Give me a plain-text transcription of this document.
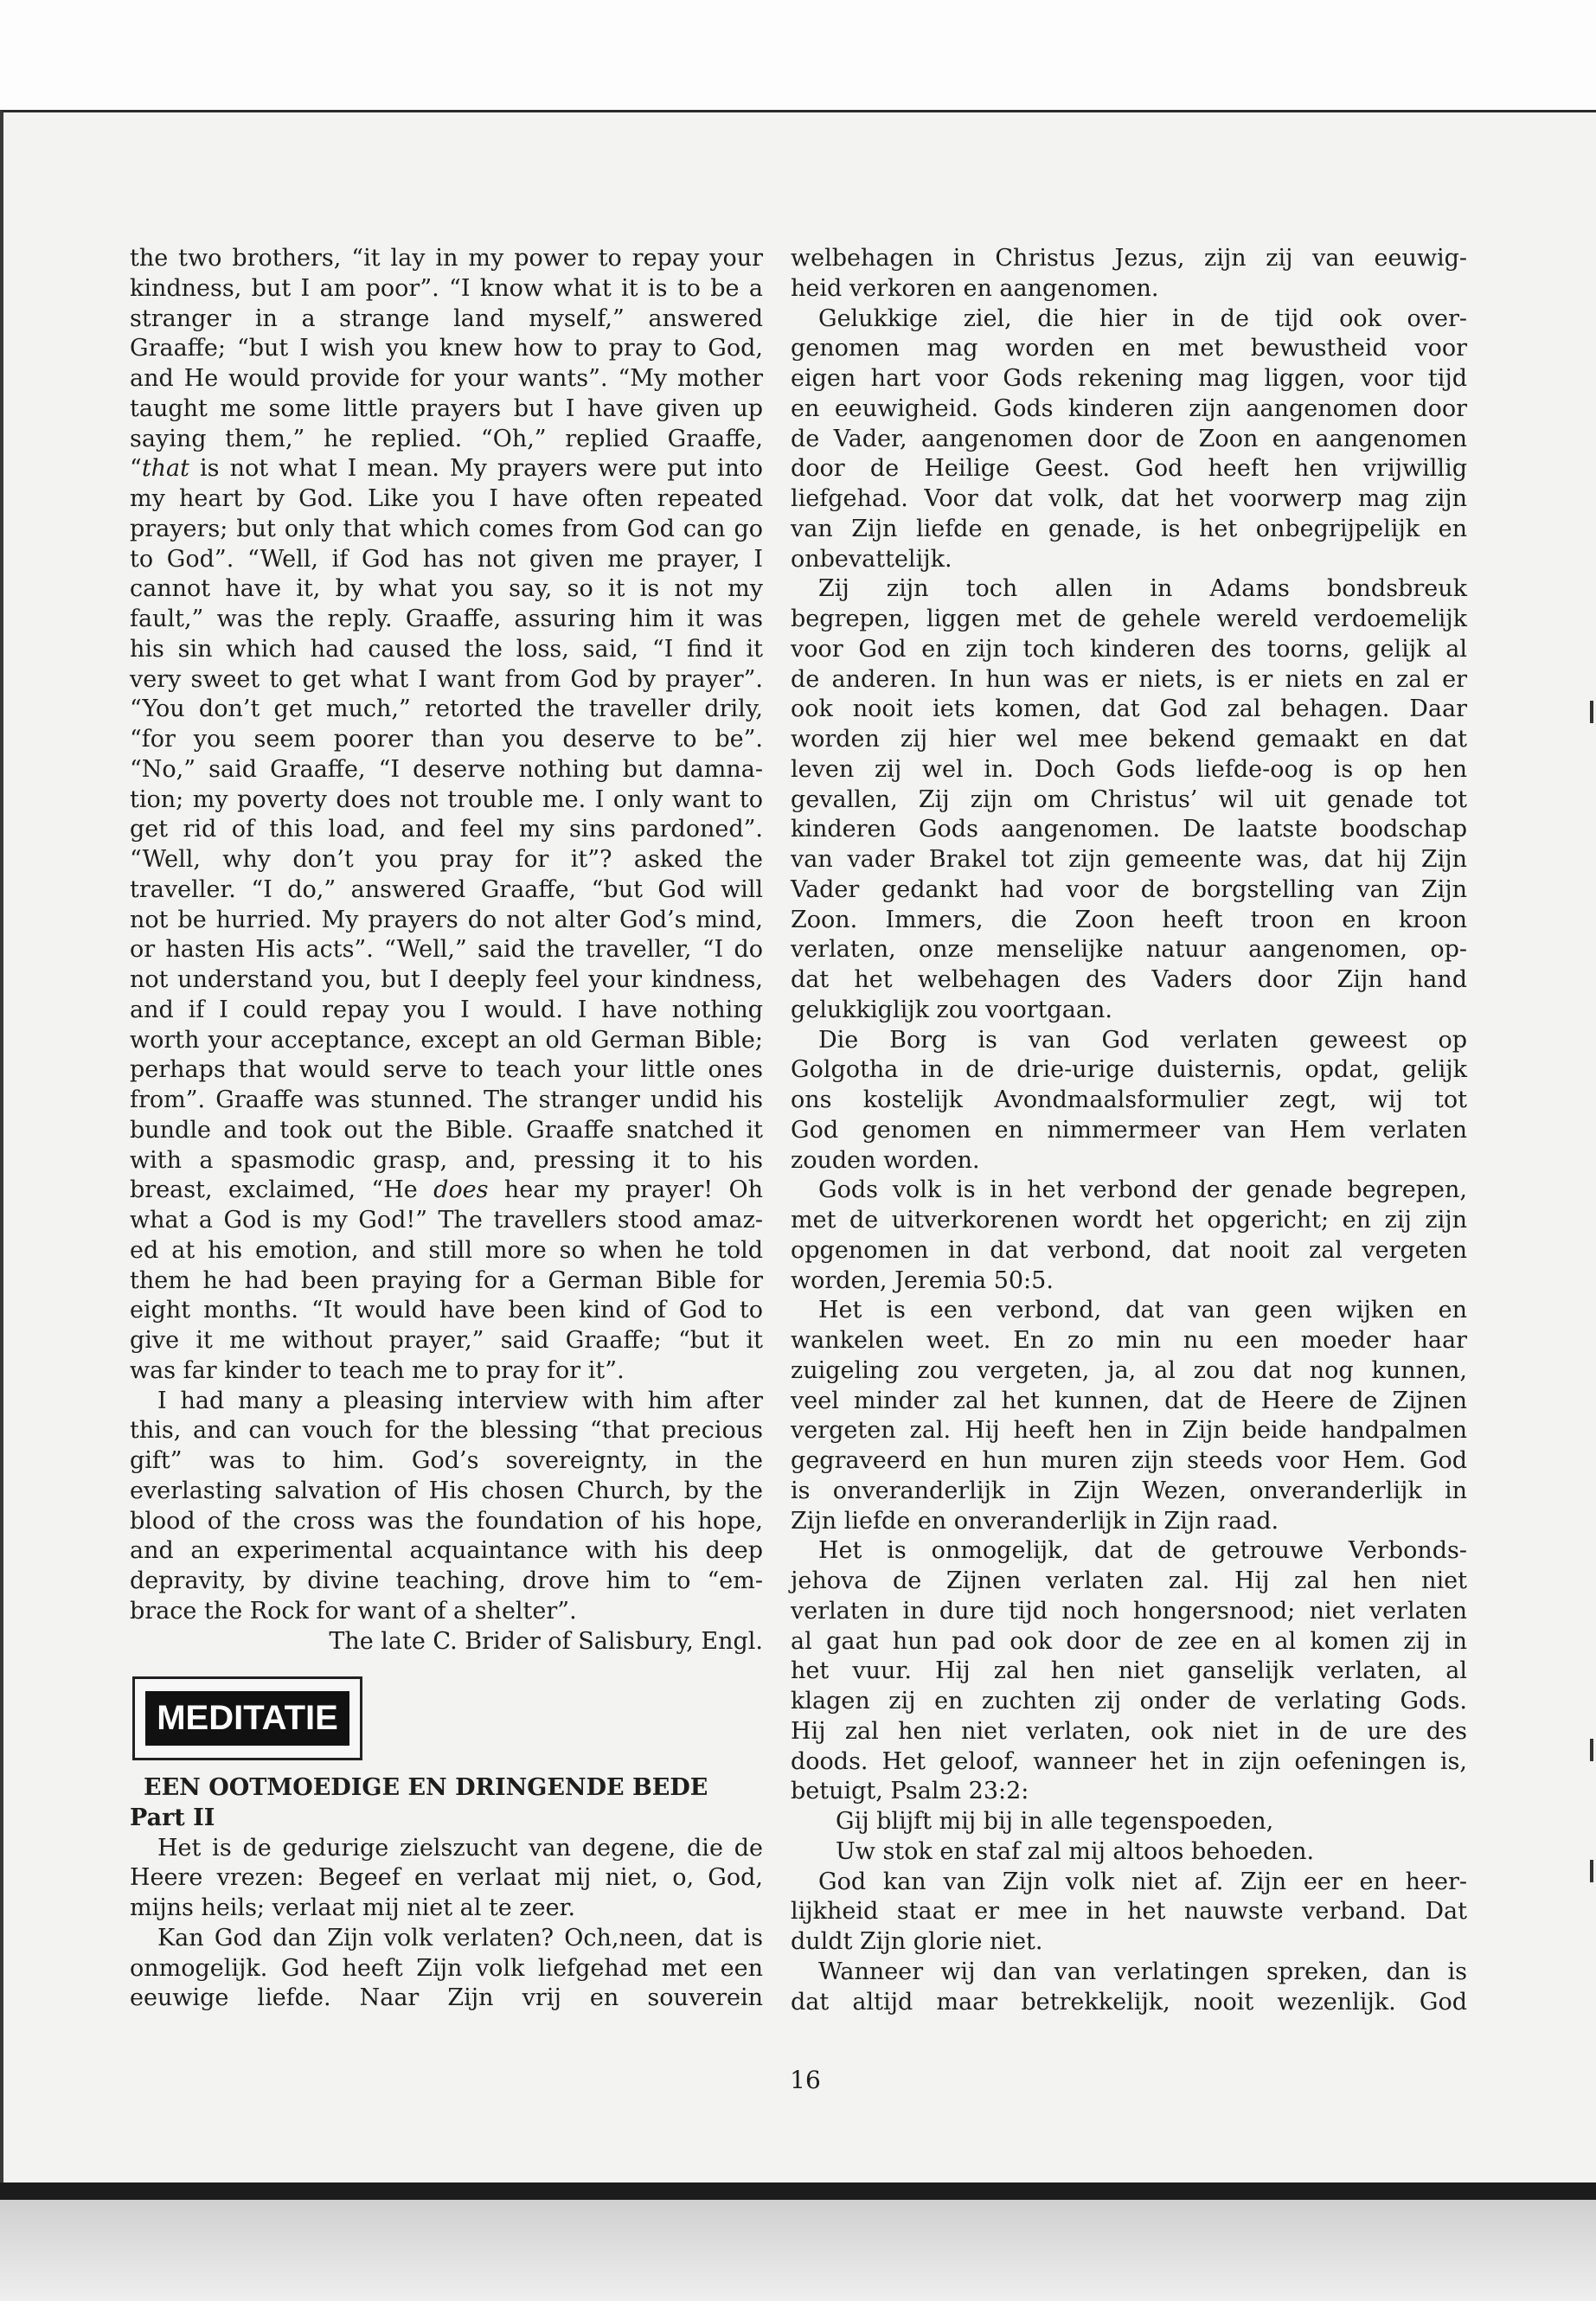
the two brothers, “it lay in my power to repay your
kindness, but I am poor”. “I know what it is to be a
stranger in a strange land myself,” answered
Graaffe; “but I wish you knew how to pray to God,
and He would provide for your wants”. “My mother
taught me some little prayers but I have given up
saying them,” he replied. “Oh,” replied Graaffe,
“that is not what I mean. My prayers were put into
my heart by God. Like you I have often repeated
prayers; but only that which comes from God can go
to God”. “Well, if God has not given me prayer, I
cannot have it, by what you say, so it is not my
fault,” was the reply. Graaffe, assuring him it was
his sin which had caused the loss, said, “I find it
very sweet to get what I want from God by prayer”.
“You don’t get much,” retorted the traveller drily,
“for you seem poorer than you deserve to be”.
“No,” said Graaffe, “I deserve nothing but damna-
tion; my poverty does not trouble me. I only want to
get rid of this load, and feel my sins pardoned”.
“Well, why don’t you pray for it”? asked the
traveller. “I do,” answered Graaffe, “but God will
not be hurried. My prayers do not alter God’s mind,
or hasten His acts”. “Well,” said the traveller, “I do
not understand you, but I deeply feel your kindness,
and if I could repay you I would. I have nothing
worth your acceptance, except an old German Bible;
perhaps that would serve to teach your little ones
from”. Graaffe was stunned. The stranger undid his
bundle and took out the Bible. Graaffe snatched it
with a spasmodic grasp, and, pressing it to his
breast, exclaimed, “He does hear my prayer! Oh
what a God is my God!” The travellers stood amaz-
ed at his emotion, and still more so when he told
them he had been praying for a German Bible for
eight months. “It would have been kind of God to
give it me without prayer,” said Graaffe; “but it
was far kinder to teach me to pray for it”.
I had many a pleasing interview with him after
this, and can vouch for the blessing “that precious
gift” was to him. God’s sovereignty, in the
everlasting salvation of His chosen Church, by the
blood of the cross was the foundation of his hope,
and an experimental acquaintance with his deep
depravity, by divine teaching, drove him to “em-
brace the Rock for want of a shelter”.
The late C. Brider of Salisbury, Engl.
MEDITATIE
EEN OOTMOEDIGE EN DRINGENDE BEDE
Part II
Het is de gedurige zielszucht van degene, die de
Heere vrezen: Begeef en verlaat mij niet, o, God,
mijns heils; verlaat mij niet al te zeer.
Kan God dan Zijn volk verlaten? Och,neen, dat is
onmogelijk. God heeft Zijn volk liefgehad met een
eeuwige liefde. Naar Zijn vrij en souverein
welbehagen in Christus Jezus, zijn zij van eeuwig-
heid verkoren en aangenomen.
Gelukkige ziel, die hier in de tijd ook over-
genomen mag worden en met bewustheid voor
eigen hart voor Gods rekening mag liggen, voor tijd
en eeuwigheid. Gods kinderen zijn aangenomen door
de Vader, aangenomen door de Zoon en aangenomen
door de Heilige Geest. God heeft hen vrijwillig
liefgehad. Voor dat volk, dat het voorwerp mag zijn
van Zijn liefde en genade, is het onbegrijpelijk en
onbevattelijk.
Zij zijn toch allen in Adams bondsbreuk
begrepen, liggen met de gehele wereld verdoemelijk
voor God en zijn toch kinderen des toorns, gelijk al
de anderen. In hun was er niets, is er niets en zal er
ook nooit iets komen, dat God zal behagen. Daar
worden zij hier wel mee bekend gemaakt en dat
leven zij wel in. Doch Gods liefde-oog is op hen
gevallen, Zij zijn om Christus’ wil uit genade tot
kinderen Gods aangenomen. De laatste boodschap
van vader Brakel tot zijn gemeente was, dat hij Zijn
Vader gedankt had voor de borgstelling van Zijn
Zoon. Immers, die Zoon heeft troon en kroon
verlaten, onze menselijke natuur aangenomen, op-
dat het welbehagen des Vaders door Zijn hand
gelukkiglijk zou voortgaan.
Die Borg is van God verlaten geweest op
Golgotha in de drie-urige duisternis, opdat, gelijk
ons kostelijk Avondmaalsformulier zegt, wij tot
God genomen en nimmermeer van Hem verlaten
zouden worden.
Gods volk is in het verbond der genade begrepen,
met de uitverkorenen wordt het opgericht; en zij zijn
opgenomen in dat verbond, dat nooit zal vergeten
worden, Jeremia 50:5.
Het is een verbond, dat van geen wijken en
wankelen weet. En zo min nu een moeder haar
zuigeling zou vergeten, ja, al zou dat nog kunnen,
veel minder zal het kunnen, dat de Heere de Zijnen
vergeten zal. Hij heeft hen in Zijn beide handpalmen
gegraveerd en hun muren zijn steeds voor Hem. God
is onveranderlijk in Zijn Wezen, onveranderlijk in
Zijn liefde en onveranderlijk in Zijn raad.
Het is onmogelijk, dat de getrouwe Verbonds-
jehova de Zijnen verlaten zal. Hij zal hen niet
verlaten in dure tijd noch hongersnood; niet verlaten
al gaat hun pad ook door de zee en al komen zij in
het vuur. Hij zal hen niet ganselijk verlaten, al
klagen zij en zuchten zij onder de verlating Gods.
Hij zal hen niet verlaten, ook niet in de ure des
doods. Het geloof, wanneer het in zijn oefeningen is,
betuigt, Psalm 23:2:
Gij blijft mij bij in alle tegenspoeden,
Uw stok en staf zal mij altoos behoeden.
God kan van Zijn volk niet af. Zijn eer en heer-
lijkheid staat er mee in het nauwste verband. Dat
duldt Zijn glorie niet.
Wanneer wij dan van verlatingen spreken, dan is
dat altijd maar betrekkelijk, nooit wezenlijk. God
16
